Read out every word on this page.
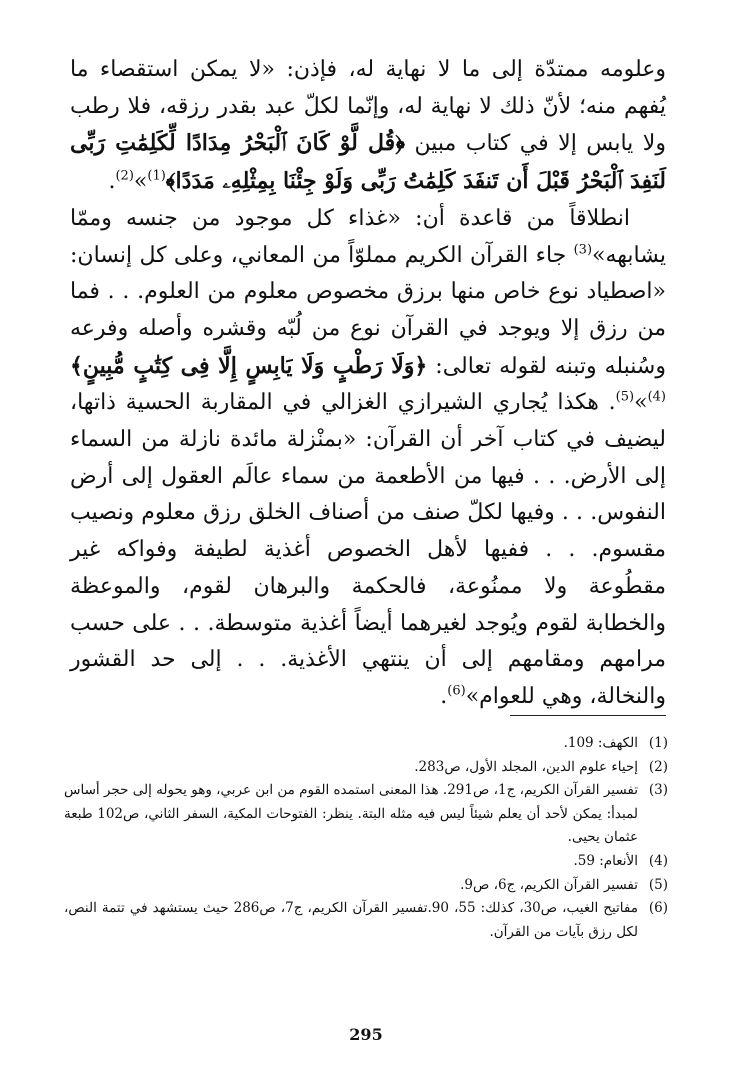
وعلومه ممتدّة إلى ما لا نهاية له، فإذن: «لا يمكن استقصاء ما يُفهم منه؛ لأنّ ذلك لا نهاية له، وإنّما لكلّ عبد بقدر رزقه، فلا رطب ولا يابس إلا في كتاب مبين ﴿قُل لَّوْ كَانَ ٱلْبَحْرُ مِدَادًا لِّكَلِمَٰتِ رَبِّى لَنَفِدَ ٱلْبَحْرُ قَبْلَ أَن تَنفَدَ كَلِمَٰتُ رَبِّى وَلَوْ جِئْنَا بِمِثْلِهِۦ مَدَدًا﴾$^{(1)}$»$^{(2)}$.

انطلاقاً من قاعدة أن: «غذاء كل موجود من جنسه وممّا يشابهه»$^{(3)}$ جاء القرآن الكريم مملوّاً من المعاني، وعلى كل إنسان: «اصطياد نوع خاص منها برزق مخصوص معلوم من العلوم. . . فما من رزق إلا ويوجد في القرآن نوع من لُبّه وقشره وأصله وفرعه وسُنبله وتبنه لقوله تعالى: ﴿وَلَا رَطْبٍ وَلَا يَابِسٍ إِلَّا فِى كِتَٰبٍ مُّبِينٍ﴾$^{(4)}$»$^{(5)}$. هكذا يُجاري الشيرازي الغزالي في المقاربة الحسية ذاتها، ليضيف في كتاب آخر أن القرآن: «بمنْزلة مائدة نازلة من السماء إلى الأرض. . . فيها من الأطعمة من سماء عالَم العقول إلى أرض النفوس. . . وفيها لكلّ صنف من أصناف الخلق رزق معلوم ونصيب مقسوم. . . ففيها لأهل الخصوص أغذية لطيفة وفواكه غير مقطُوعة ولا ممنُوعة، فالحكمة والبرهان لقوم، والموعظة والخطابة لقوم ويُوجد لغيرهما أيضاً أغذية متوسطة. . . على حسب مرامهم ومقامهم إلى أن ينتهي الأغذية. . . إلى حد القشور والنخالة، وهي للعوام»$^{(6)}$.

(1)
الكهف: 109.
(2)
إحياء علوم الدين، المجلد الأول، ص283.
(3)
تفسير القرآن الكريم، ج1، ص291. هذا المعنى استمده القوم من ابن عربي، وهو يحوله إلى حجر أساس لمبدأ: يمكن لأحد أن يعلم شيئاً ليس فيه مثله البتة. ينظر: الفتوحات المكية، السفر الثاني، ص102 طبعة عثمان يحيى.
(4)
الأنعام: 59.
(5)
تفسير القرآن الكريم، ج6، ص9.
(6)
مفاتيح الغيب، ص30، كذلك: 55، 90.تفسير القرآن الكريم، ج7، ص286 حيث يستشهد في تتمة النص، لكل رزق بآيات من القرآن.
295
